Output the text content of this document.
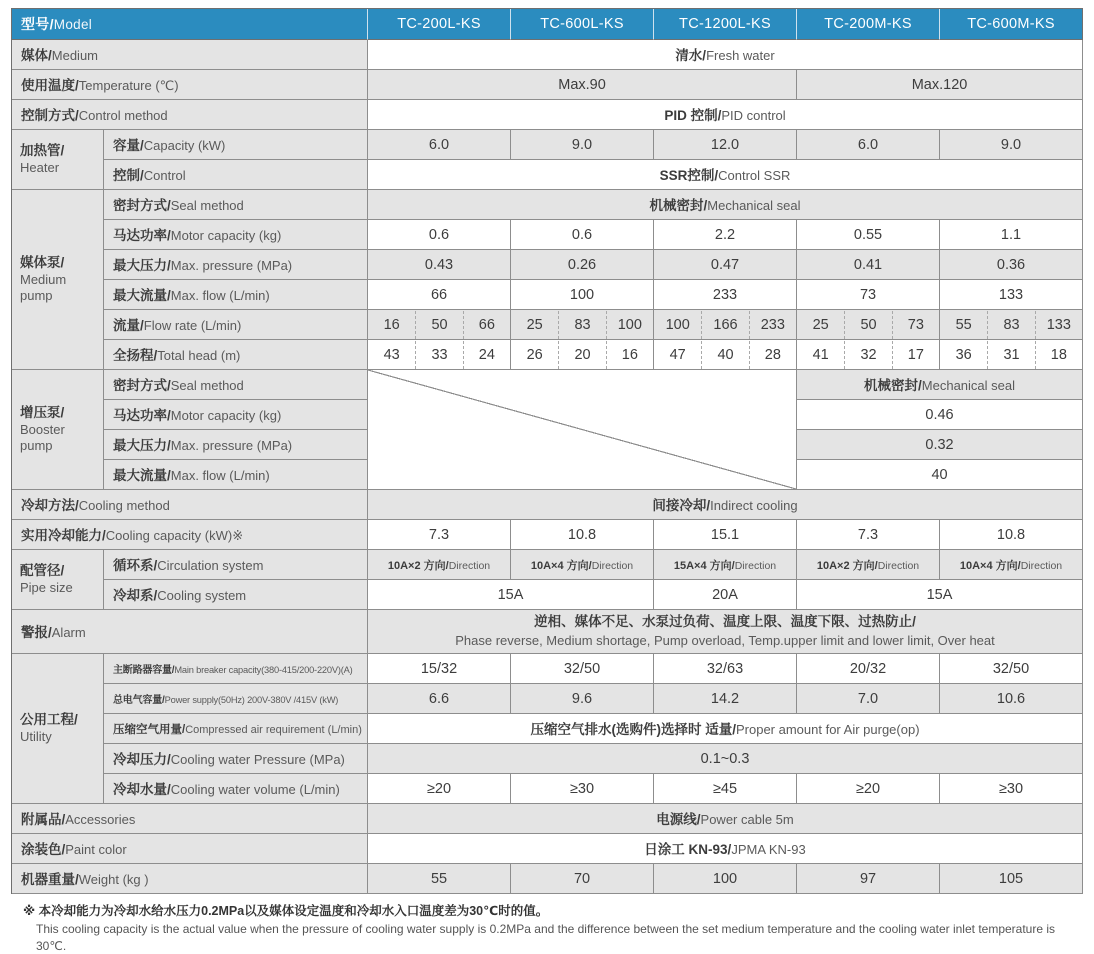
型号/Model		TC-200L-KS	TC-600L-KS	TC-1200L-KS	TC-200M-KS	TC-600M-KS
媒体/Medium		清水/Fresh water				
使用温度/Temperature (℃)		Max.90			Max.120	
控制方式/Control method		PID 控制/PID control				

加热管/
Heater	容量/Capacity (kW)	6.0	9.0	12.0	6.0	9.0
	控制/Control	SSR控制/Control SSR				

媒体泵/
Medium pump	密封方式/Seal method	机械密封/Mechanical seal				
	马达功率/Motor capacity (kg)	0.6	0.6	2.2	0.55	1.1
	最大压力/Max. pressure (MPa)	0.43	0.26	0.47	0.41	0.36
	最大流量/Max. flow (L/min)	66	100	233	73	133
	流量/Flow rate (L/min)	16 50 66	25 83 100	100 166 233	25 50 73	55 83 133
	全扬程/Total head (m)	43 33 24	26 20 16	47 40 28	41 32 17	36 31 18

增压泵/
Booster pump	密封方式/Seal method				机械密封/Mechanical seal	
	马达功率/Motor capacity (kg)				0.46	
	最大压力/Max. pressure (MPa)				0.32	
	最大流量/Max. flow (L/min)				40	
冷却方法/Cooling method		间接冷却/Indirect cooling				
实用冷却能力/Cooling capacity (kW)※		7.3	10.8	15.1	7.3	10.8

配管径/
Pipe size	循环系/Circulation system	10A×2 方向/Direction	10A×4 方向/Direction	15A×4 方向/Direction	10A×2 方向/Direction	10A×4 方向/Direction
	冷却系/Cooling system	15A		20A	15A	
警报/Alarm		逆相、媒体不足、水泵过负荷、温度上限、温度下限、过热防止/
Phase reverse, Medium shortage, Pump overload, Temp.upper limit and lower limit, Over heat				

公用工程/
Utility	主断路器容量/Main breaker capacity(380-415/200-220V)(A)	15/32	32/50	32/63	20/32	32/50
	总电气容量/Power supply(50Hz) 200V-380V /415V (kW)	6.6	9.6	14.2	7.0	10.6
	压缩空气用量/Compressed air requirement (L/min)	压缩空气排水(选购件)选择时 适量/Proper amount for Air purge(op)				
	冷却压力/Cooling water Pressure (MPa)	0.1~0.3				
	冷却水量/Cooling water volume (L/min)	≥20	≥30	≥45	≥20	≥30
附属品/Accessories		电源线/Power cable 5m				
涂装色/Paint color		日涂工 KN-93/JPMA KN-93				
机器重量/Weight (kg )		55	70	100	97	105
※ 本冷却能力为冷却水给水压力0.2MPa以及媒体设定温度和冷却水入口温度差为30℃时的值。
This cooling capacity is the actual value when the pressure of cooling water supply is 0.2MPa and the difference between the set medium temperature and the cooling water inlet temperature is 30℃.
